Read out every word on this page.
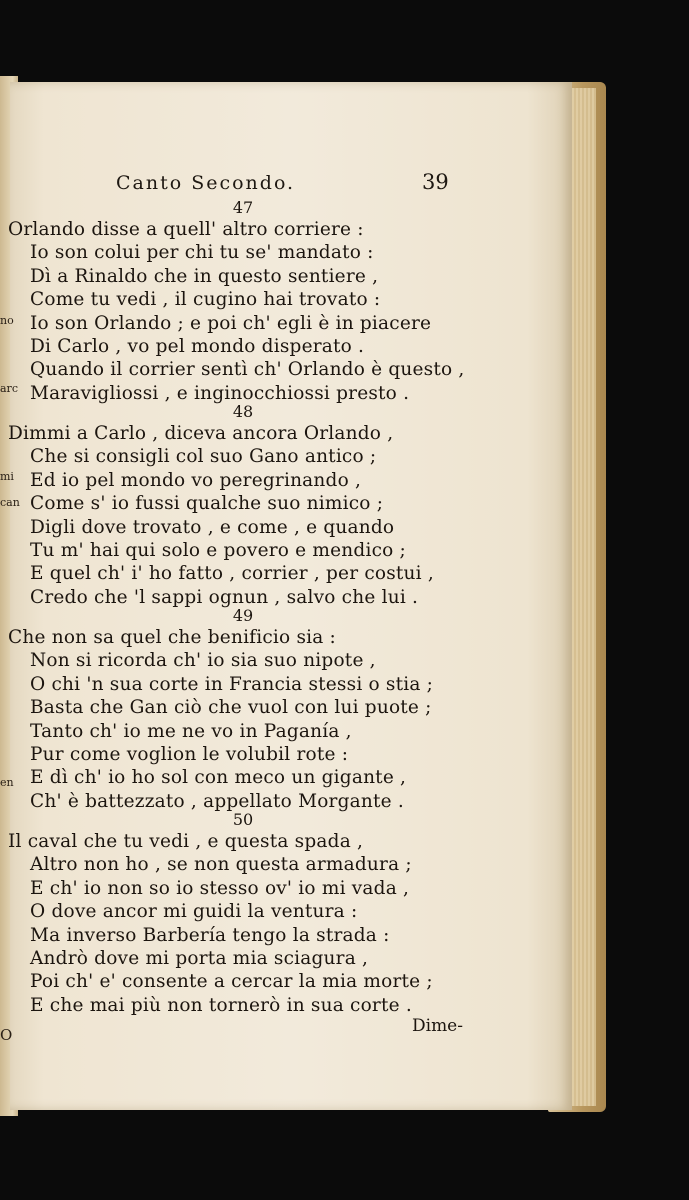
no
arc
mi
can
en
O
Canto Secondo.	39
47
Orlando disse a quell' altro corriere :
Io son colui per chi tu se' mandato :
Dì a Rinaldo che in questo sentiere ,
Come tu vedi , il cugino hai trovato :
Io son Orlando ; e poi ch' egli è in piacere
Di Carlo , vo pel mondo disperato .
Quando il corrier sentì ch' Orlando è questo ,
Maravigliossi , e inginocchiossi presto .
48
Dimmi a Carlo , diceva ancora Orlando ,
Che si consigli col suo Gano antico ;
Ed io pel mondo vo peregrinando ,
Come s' io fussi qualche suo nimico ;
Digli dove trovato , e come , e quando
Tu m' hai qui solo e povero e mendico ;
E quel ch' i' ho fatto , corrier , per costui ,
Credo che 'l sappi ognun , salvo che lui .
49
Che non sa quel che benificio sia :
Non si ricorda ch' io sia suo nipote ,
O chi 'n sua corte in Francia stessi o stia ;
Basta che Gan ciò che vuol con lui puote ;
Tanto ch' io me ne vo in Paganía ,
Pur come voglion le volubil rote :
E dì ch' io ho sol con meco un gigante ,
Ch' è battezzato , appellato Morgante .
50
Il caval che tu vedi , e questa spada ,
Altro non ho , se non questa armadura ;
E ch' io non so io stesso ov' io mi vada ,
O dove ancor mi guidi la ventura :
Ma inverso Barbería tengo la strada :
Andrò dove mi porta mia sciagura ,
Poi ch' e' consente a cercar la mia morte ;
E che mai più non tornerò in sua corte .
Dime-
